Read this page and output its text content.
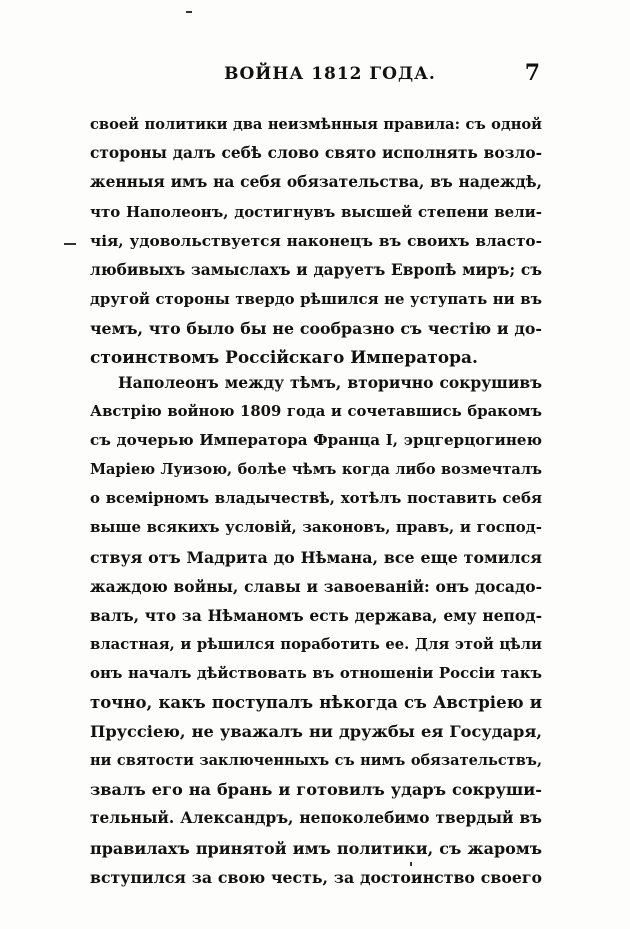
ВОЙНА 1812 ГОДА.	7
своей политики два неизмѣнныя правила: съ одной
стороны далъ себѣ слово свято исполнять возло-
женныя имъ на себя обязательства, въ надеждѣ,
что Наполеонъ, достигнувъ высшей степени вели-
чія, удовольствуется наконецъ въ своихъ власто-
любивыхъ замыслахъ и даруетъ Европѣ миръ; съ
другой стороны твердо рѣшился не уступать ни въ
чемъ, что было бы не сообразно съ честію и до-
стоинствомъ Россійскаго Императора.
Наполеонъ между тѣмъ, вторично сокрушивъ
Австрію войною 1809 года и сочетавшись бракомъ
съ дочерью Императора Франца I, эрцгерцогинею
Маріею Луизою, болѣе чѣмъ когда либо возмечталъ
о всемірномъ владычествѣ, хотѣлъ поставить себя
выше всякихъ условій, законовъ, правъ, и господ-
ствуя отъ Мадрита до Нѣмана, все еще томился
жаждою войны, славы и завоеваній: онъ досадо-
валъ, что за Нѣманомъ есть держава, ему непод-
властная, и рѣшился поработить ее. Для этой цѣли
онъ началъ дѣйствовать въ отношеніи Россіи такъ
точно, какъ поступалъ нѣкогда съ Австріею и
Пруссіею, не уважалъ ни дружбы ея Государя,
ни святости заключенныхъ съ нимъ обязательствъ,
звалъ его на брань и готовилъ ударъ сокруши-
тельный. Александръ, непоколебимо твердый въ
правилахъ принятой имъ политики, съ жаромъ
вступился за свою честь, за достоинство своего
